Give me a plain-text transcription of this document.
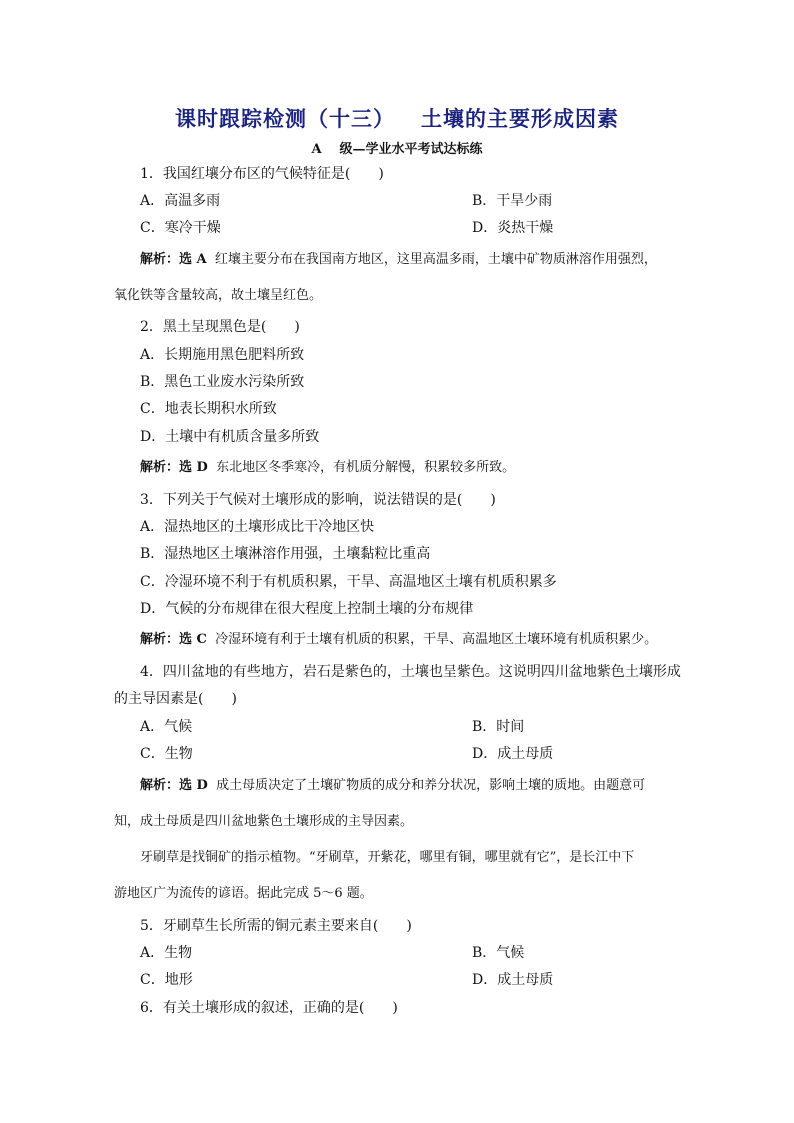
课时跟踪检测（十三） 土壤的主要形成因素
A 级—学业水平考试达标练
1．我国红壤分布区的气候特征是(　　)
A．高温多雨	B．干旱少雨
C．寒冷干燥	D．炎热干燥
解析：选 A 红壤主要分布在我国南方地区，这里高温多雨，土壤中矿物质淋溶作用强烈，
氧化铁等含量较高，故土壤呈红色。
2．黑土呈现黑色是(　　)
A．长期施用黑色肥料所致
B．黑色工业废水污染所致
C．地表长期积水所致
D．土壤中有机质含量多所致
解析：选 D 东北地区冬季寒冷，有机质分解慢，积累较多所致。
3．下列关于气候对土壤形成的影响，说法错误的是(　　)
A．湿热地区的土壤形成比干冷地区快
B．湿热地区土壤淋溶作用强，土壤黏粒比重高
C．冷湿环境不利于有机质积累，干旱、高温地区土壤有机质积累多
D．气候的分布规律在很大程度上控制土壤的分布规律
解析：选 C 冷湿环境有利于土壤有机质的积累，干旱、高温地区土壤环境有机质积累少。
4．四川盆地的有些地方，岩石是紫色的，土壤也呈紫色。这说明四川盆地紫色土壤形成
的主导因素是(　　)
A．气候	B．时间
C．生物	D．成土母质
解析：选 D 成土母质决定了土壤矿物质的成分和养分状况，影响土壤的质地。由题意可
知，成土母质是四川盆地紫色土壤形成的主导因素。
牙刷草是找铜矿的指示植物。“牙刷草，开紫花，哪里有铜，哪里就有它”，是长江中下
游地区广为流传的谚语。据此完成 5～6 题。
5．牙刷草生长所需的铜元素主要来自(　　)
A．生物	B．气候
C．地形	D．成土母质
6．有关土壤形成的叙述，正确的是(　　)
